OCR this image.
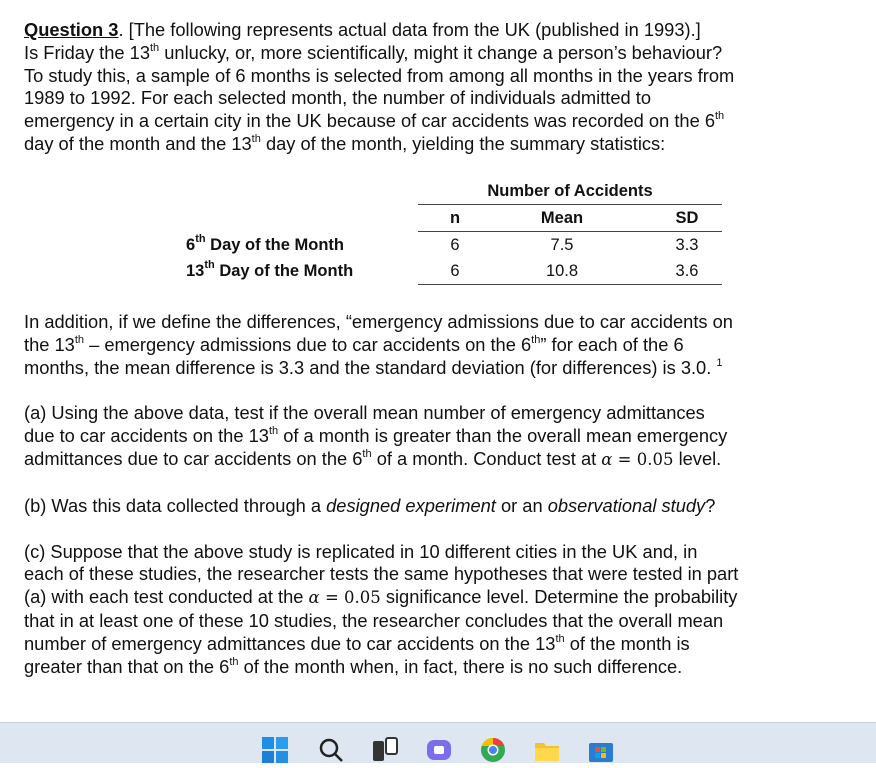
Question 3. [The following represents actual data from the UK (published in 1993).]

Is Friday the 13th unlucky, or, more scientifically, might it change a person’s behaviour?

To study this, a sample of 6 months is selected from among all months in the years from

1989 to 1992. For each selected month, the number of individuals admitted to

emergency in a certain city in the UK because of car accidents was recorded on the 6th

day of the month and the 13th day of the month, yielding the summary statistics:

	Number of Accidents		
	n	Mean	SD
6th Day of the Month	6	7.5	3.3
13th Day of the Month	6	10.8	3.6

In addition, if we define the differences, “emergency admissions due to car accidents on

the 13th – emergency admissions due to car accidents on the 6th” for each of the 6

months, the mean difference is 3.3 and the standard deviation (for differences) is 3.0. $^1$

(a) Using the above data, test if the overall mean number of emergency admittances

due to car accidents on the 13th of a month is greater than the overall mean emergency

admittances due to car accidents on the 6th of a month. Conduct test at α = 0.05 level.

(b) Was this data collected through a designed experiment or an observational study?

(c) Suppose that the above study is replicated in 10 different cities in the UK and, in

each of these studies, the researcher tests the same hypotheses that were tested in part

(a) with each test conducted at the α = 0.05 significance level. Determine the probability

that in at least one of these 10 studies, the researcher concludes that the overall mean

number of emergency admittances due to car accidents on the 13th of the month is

greater than that on the 6th of the month when, in fact, there is no such difference.
